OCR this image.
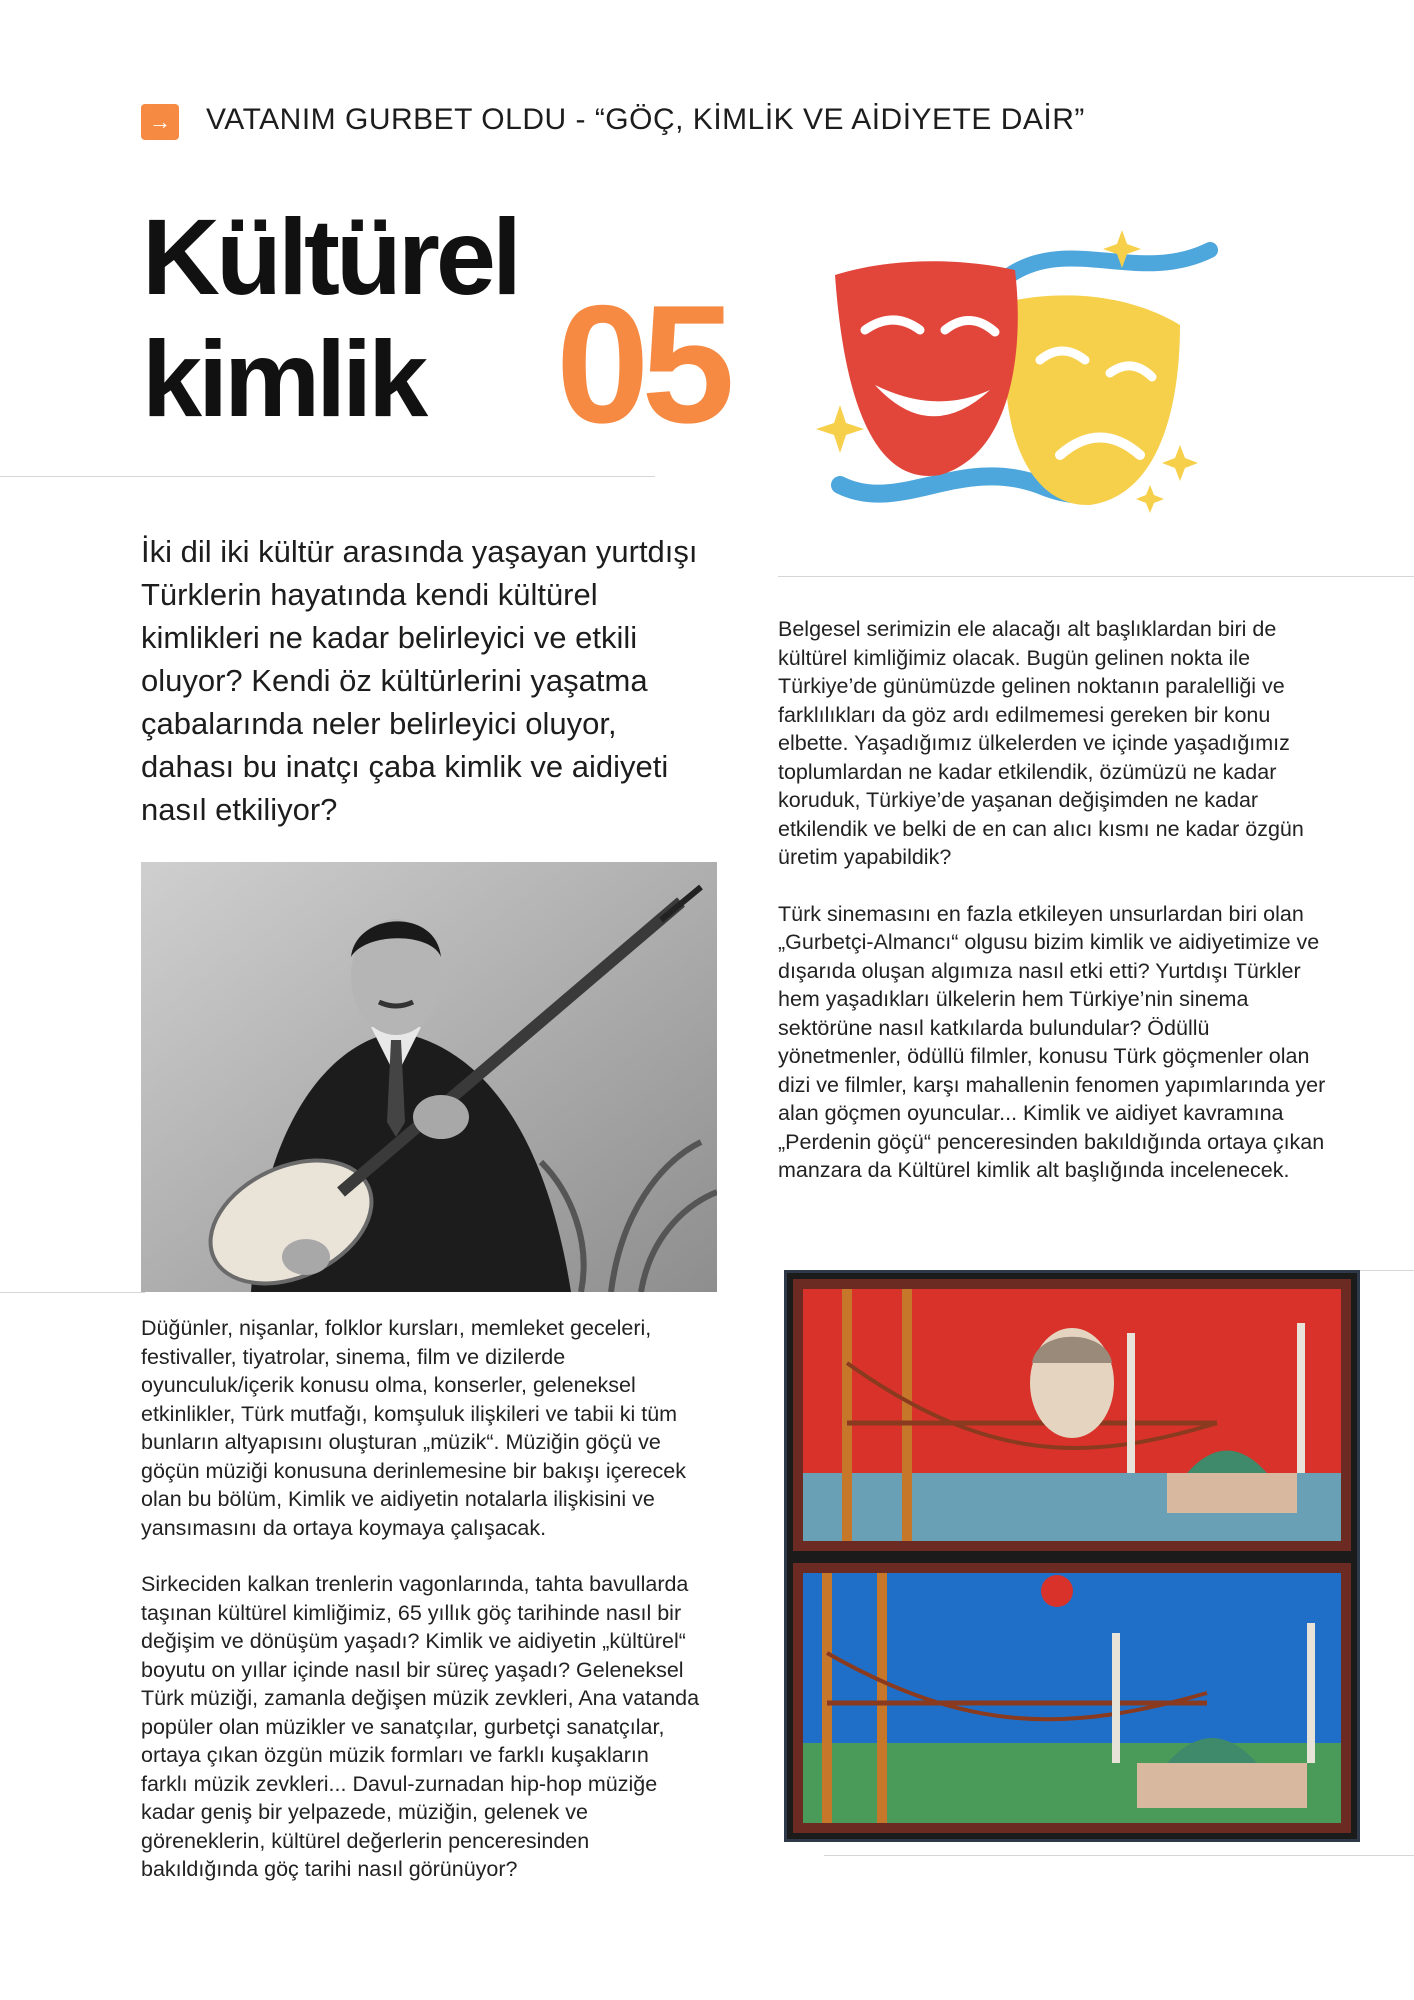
→ VATANIM GURBET OLDU - “GÖÇ, KİMLİK VE AİDİYETE DAİR”
Kültürel
kimlik 05
İki dil iki kültür arasında yaşayan yurtdışı Türklerin hayatında kendi kültürel kimlikleri ne kadar belirleyici ve etkili oluyor? Kendi öz kültürlerini yaşatma çabalarında neler belirleyici oluyor, dahası bu inatçı çaba kimlik ve aidiyeti nasıl etkiliyor?

Belgesel serimizin ele alacağı alt başlıklardan biri de kültürel kimliğimiz olacak. Bugün gelinen nokta ile Türkiye’de günümüzde gelinen noktanın paralelliği ve farklılıkları da göz ardı edilmemesi gereken bir konu elbette. Yaşadığımız ülkelerden ve içinde yaşadığımız toplumlardan ne kadar etkilendik, özümüzü ne kadar koruduk, Türkiye’de yaşanan değişimden ne kadar etkilendik ve belki de en can alıcı kısmı ne kadar özgün üretim yapabildik?

Türk sinemasını en fazla etkileyen unsurlardan biri olan „Gurbetçi-Almancı“ olgusu bizim kimlik ve aidiyetimize ve dışarıda oluşan algımıza nasıl etki etti? Yurtdışı Türkler hem yaşadıkları ülkelerin hem Türkiye’nin sinema sektörüne nasıl katkılarda bulundular? Ödüllü yönetmenler, ödüllü filmler, konusu Türk göçmenler olan dizi ve filmler, karşı mahallenin fenomen yapımlarında yer alan göçmen oyuncular... Kimlik ve aidiyet kavramına „Perdenin göçü“ penceresinden bakıldığında ortaya çıkan manzara da Kültürel kimlik alt başlığında incelenecek.

Düğünler, nişanlar, folklor kursları, memleket geceleri, festivaller, tiyatrolar, sinema, film ve dizilerde oyunculuk/içerik konusu olma, konserler, geleneksel etkinlikler, Türk mutfağı, komşuluk ilişkileri ve tabii ki tüm bunların altyapısını oluşturan „müzik“. Müziğin göçü ve göçün müziği konusuna derinlemesine bir bakışı içerecek olan bu bölüm, Kimlik ve aidiyetin notalarla ilişkisini ve yansımasını da ortaya koymaya çalışacak.

Sirkeciden kalkan trenlerin vagonlarında, tahta bavullarda taşınan kültürel kimliğimiz, 65 yıllık göç tarihinde nasıl bir değişim ve dönüşüm yaşadı? Kimlik ve aidiyetin „kültürel“ boyutu on yıllar içinde nasıl bir süreç yaşadı? Geleneksel Türk müziği, zamanla değişen müzik zevkleri, Ana vatanda popüler olan müzikler ve sanatçılar, gurbetçi sanatçılar, ortaya çıkan özgün müzik formları ve farklı kuşakların farklı müzik zevkleri... Davul-zurnadan hip-hop müziğe kadar geniş bir yelpazede, müziğin, gelenek ve göreneklerin, kültürel değerlerin penceresinden bakıldığında göç tarihi nasıl görünüyor?
